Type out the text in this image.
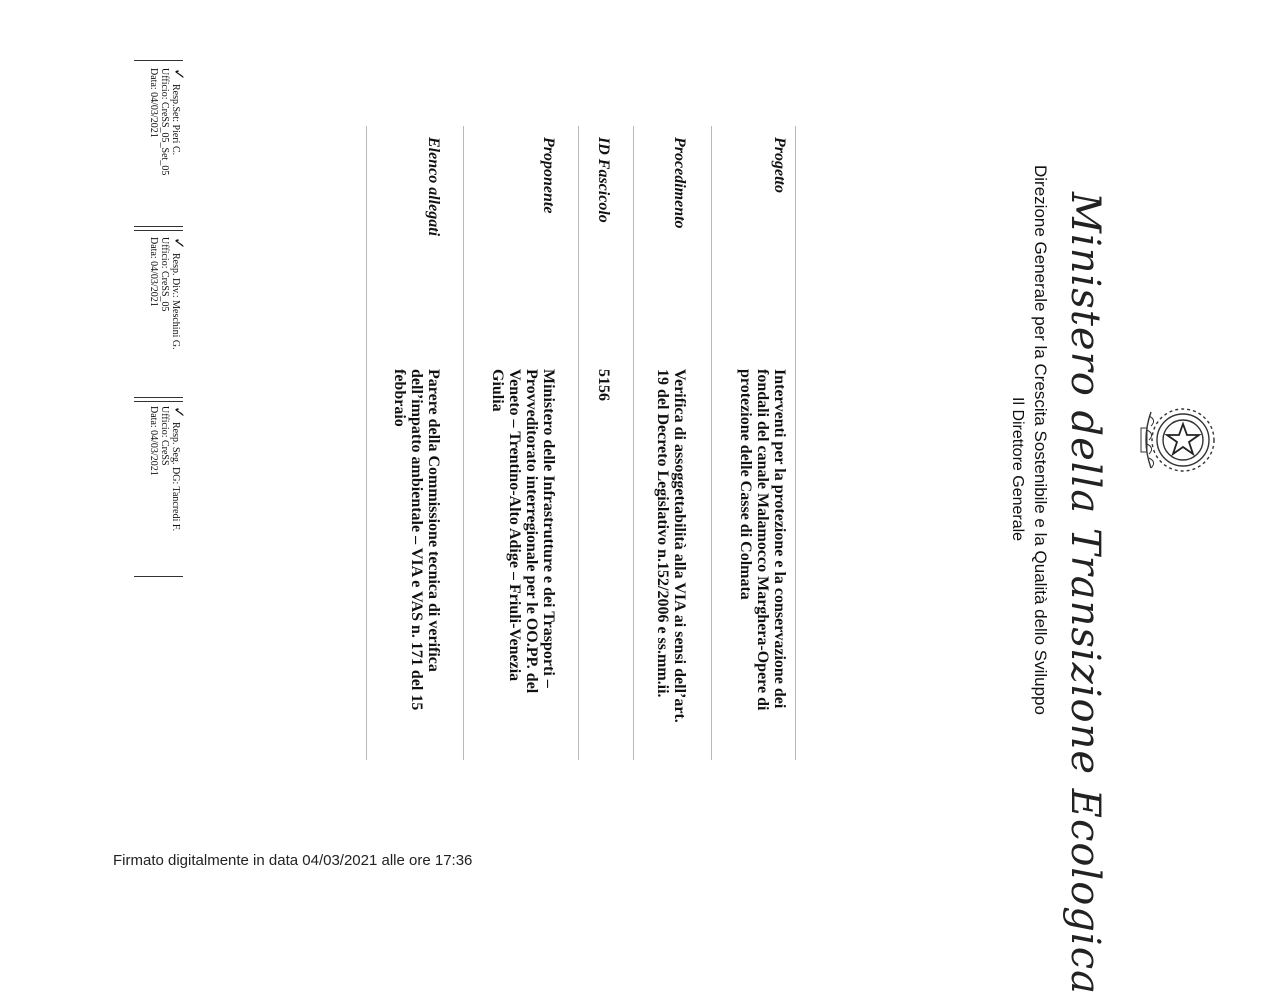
Ministero della Transizione Ecologica
Direzione Generale per la Crescita Sostenibile e la Qualità dello Sviluppo
Il Direttore Generale
Progetto
Interventi per la protezione e la conservazione dei
fondali del canale Malamocco Marghera-Opere di
protezione delle Casse di Colmata
Procedimento
Verifica di assoggettabilità alla VIA ai sensi dell’art.
19 del Decreto Legislativo n.152/2006 e ss.mm.ii.
ID Fascicolo
5156
Proponente
Ministero delle Infrastrutture e dei Trasporti –
Provveditorato interregionale per le OO.PP. del
Veneto – Trentino-Alto Adige – Friuli-Venezia
Giulia
Elenco allegati
Parere della Commissione tecnica di verifica
dell’impatto ambientale – VIA e VAS n. 171 del 15
febbraio
✓
Resp.Set: Pieri C.
Ufficio: CreSS_05_Set_05
Data: 04/03/2021
✓
Resp. Div.: Meschini G.
Ufficio: CreSS_05
Data: 04/03/2021
✓
Resp. Seg. DG: Tancredi F.
Ufficio: CreSS
Data: 04/03/2021
Firmato digitalmente in data 04/03/2021 alle ore 17:36
